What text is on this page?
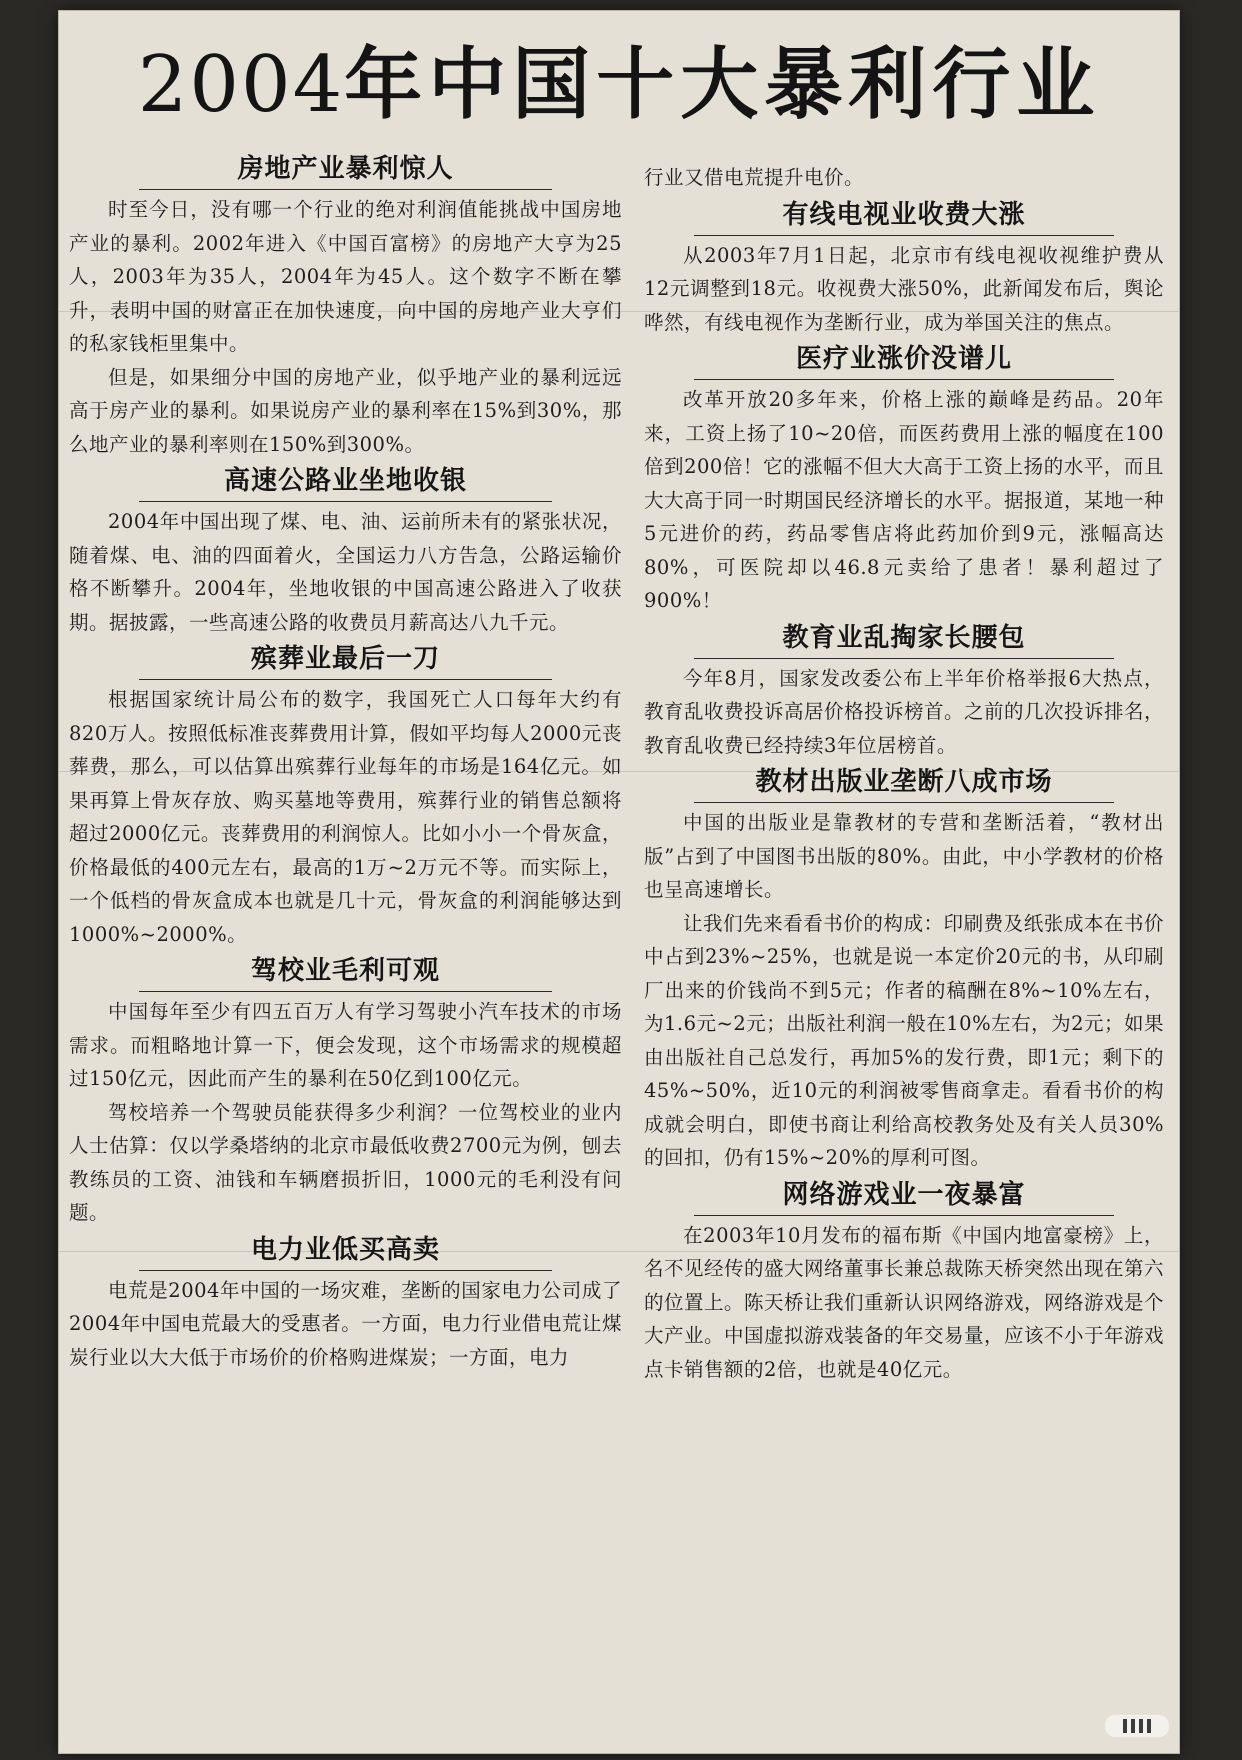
2004年中国十大暴利行业
房地产业暴利惊人

时至今日，没有哪一个行业的绝对利润值能挑战中国房地产业的暴利。2002年进入《中国百富榜》的房地产大亨为25人，2003年为35人，2004年为45人。这个数字不断在攀升，表明中国的财富正在加快速度，向中国的房地产业大亨们的私家钱柜里集中。

但是，如果细分中国的房地产业，似乎地产业的暴利远远高于房产业的暴利。如果说房产业的暴利率在15%到30%，那么地产业的暴利率则在150%到300%。

高速公路业坐地收银

2004年中国出现了煤、电、油、运前所未有的紧张状况，随着煤、电、油的四面着火，全国运力八方告急，公路运输价格不断攀升。2004年，坐地收银的中国高速公路进入了收获期。据披露，一些高速公路的收费员月薪高达八九千元。

殡葬业最后一刀

根据国家统计局公布的数字，我国死亡人口每年大约有820万人。按照低标准丧葬费用计算，假如平均每人2000元丧葬费，那么，可以估算出殡葬行业每年的市场是164亿元。如果再算上骨灰存放、购买墓地等费用，殡葬行业的销售总额将超过2000亿元。丧葬费用的利润惊人。比如小小一个骨灰盒，价格最低的400元左右，最高的1万~2万元不等。而实际上，一个低档的骨灰盒成本也就是几十元，骨灰盒的利润能够达到1000%~2000%。

驾校业毛利可观

中国每年至少有四五百万人有学习驾驶小汽车技术的市场需求。而粗略地计算一下，便会发现，这个市场需求的规模超过150亿元，因此而产生的暴利在50亿到100亿元。

驾校培养一个驾驶员能获得多少利润？一位驾校业的业内人士估算：仅以学桑塔纳的北京市最低收费2700元为例，刨去教练员的工资、油钱和车辆磨损折旧，1000元的毛利没有问题。

电力业低买高卖

电荒是2004年中国的一场灾难，垄断的国家电力公司成了2004年中国电荒最大的受惠者。一方面，电力行业借电荒让煤炭行业以大大低于市场价的价格购进煤炭；一方面，电力

行业又借电荒提升电价。

有线电视业收费大涨

从2003年7月1日起，北京市有线电视收视维护费从12元调整到18元。收视费大涨50%，此新闻发布后，舆论哗然，有线电视作为垄断行业，成为举国关注的焦点。

医疗业涨价没谱儿

改革开放20多年来，价格上涨的巅峰是药品。20年来，工资上扬了10~20倍，而医药费用上涨的幅度在100倍到200倍！它的涨幅不但大大高于工资上扬的水平，而且大大高于同一时期国民经济增长的水平。据报道，某地一种5元进价的药，药品零售店将此药加价到9元，涨幅高达80%，可医院却以46.8元卖给了患者！暴利超过了900%！

教育业乱掏家长腰包

今年8月，国家发改委公布上半年价格举报6大热点，教育乱收费投诉高居价格投诉榜首。之前的几次投诉排名，教育乱收费已经持续3年位居榜首。

教材出版业垄断八成市场

中国的出版业是靠教材的专营和垄断活着，“教材出版”占到了中国图书出版的80%。由此，中小学教材的价格也呈高速增长。

让我们先来看看书价的构成：印刷费及纸张成本在书价中占到23%~25%，也就是说一本定价20元的书，从印刷厂出来的价钱尚不到5元；作者的稿酬在8%~10%左右，为1.6元~2元；出版社利润一般在10%左右，为2元；如果由出版社自己总发行，再加5%的发行费，即1元；剩下的45%~50%，近10元的利润被零售商拿走。看看书价的构成就会明白，即使书商让利给高校教务处及有关人员30%的回扣，仍有15%~20%的厚利可图。

网络游戏业一夜暴富

在2003年10月发布的福布斯《中国内地富豪榜》上，名不见经传的盛大网络董事长兼总裁陈天桥突然出现在第六的位置上。陈天桥让我们重新认识网络游戏，网络游戏是个大产业。中国虚拟游戏装备的年交易量，应该不小于年游戏点卡销售额的2倍，也就是40亿元。
